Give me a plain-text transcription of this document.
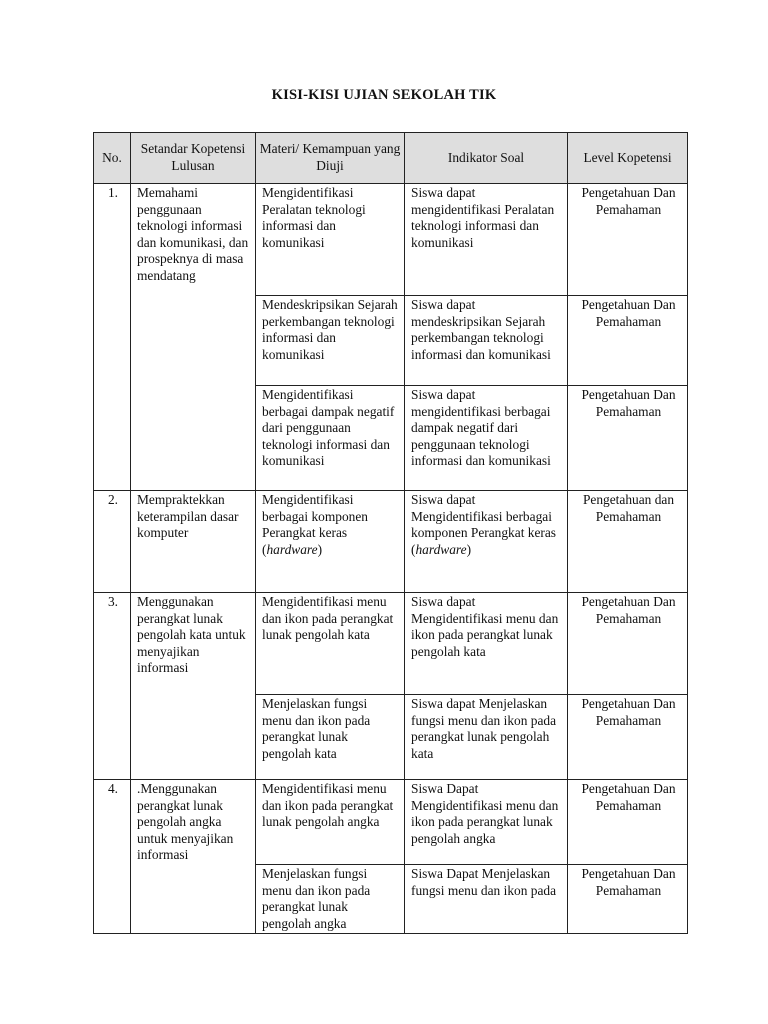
KISI-KISI UJIAN SEKOLAH TIK
No.	Setandar Kopetensi Lulusan	Materi/ Kemampuan yang Diuji	Indikator Soal	Level Kopetensi
1.	Memahami penggunaan teknologi informasi dan komunikasi, dan prospeknya di masa mendatang	Mengidentifikasi Peralatan teknologi informasi dan komunikasi	Siswa dapat mengidentifikasi Peralatan teknologi informasi dan komunikasi	Pengetahuan Dan Pemahaman
		Mendeskripsikan Sejarah perkembangan teknologi informasi dan komunikasi	Siswa dapat mendeskripsikan Sejarah perkembangan teknologi informasi dan komunikasi	Pengetahuan Dan Pemahaman
		Mengidentifikasi berbagai dampak negatif dari penggunaan teknologi informasi dan komunikasi	Siswa dapat mengidentifikasi berbagai dampak negatif dari penggunaan teknologi informasi dan komunikasi	Pengetahuan Dan Pemahaman
2.	Mempraktekkan keterampilan dasar komputer	Mengidentifikasi berbagai komponen Perangkat keras (hardware)	Siswa dapat Mengidentifikasi berbagai komponen Perangkat keras (hardware)	Pengetahuan dan Pemahaman
3.	Menggunakan perangkat lunak pengolah kata untuk menyajikan informasi	Mengidentifikasi menu dan ikon pada perangkat lunak pengolah kata	Siswa dapat Mengidentifikasi menu dan ikon pada perangkat lunak pengolah kata	Pengetahuan Dan Pemahaman
		Menjelaskan fungsi menu dan ikon pada perangkat lunak pengolah kata	Siswa dapat Menjelaskan fungsi menu dan ikon pada perangkat lunak pengolah kata	Pengetahuan Dan Pemahaman
4.	.Menggunakan perangkat lunak pengolah angka untuk menyajikan informasi	Mengidentifikasi menu dan ikon pada perangkat lunak pengolah angka	Siswa Dapat Mengidentifikasi menu dan ikon pada perangkat lunak pengolah angka	Pengetahuan Dan Pemahaman
		Menjelaskan fungsi menu dan ikon pada perangkat lunak pengolah angka	Siswa Dapat Menjelaskan fungsi menu dan ikon pada	Pengetahuan Dan Pemahaman
